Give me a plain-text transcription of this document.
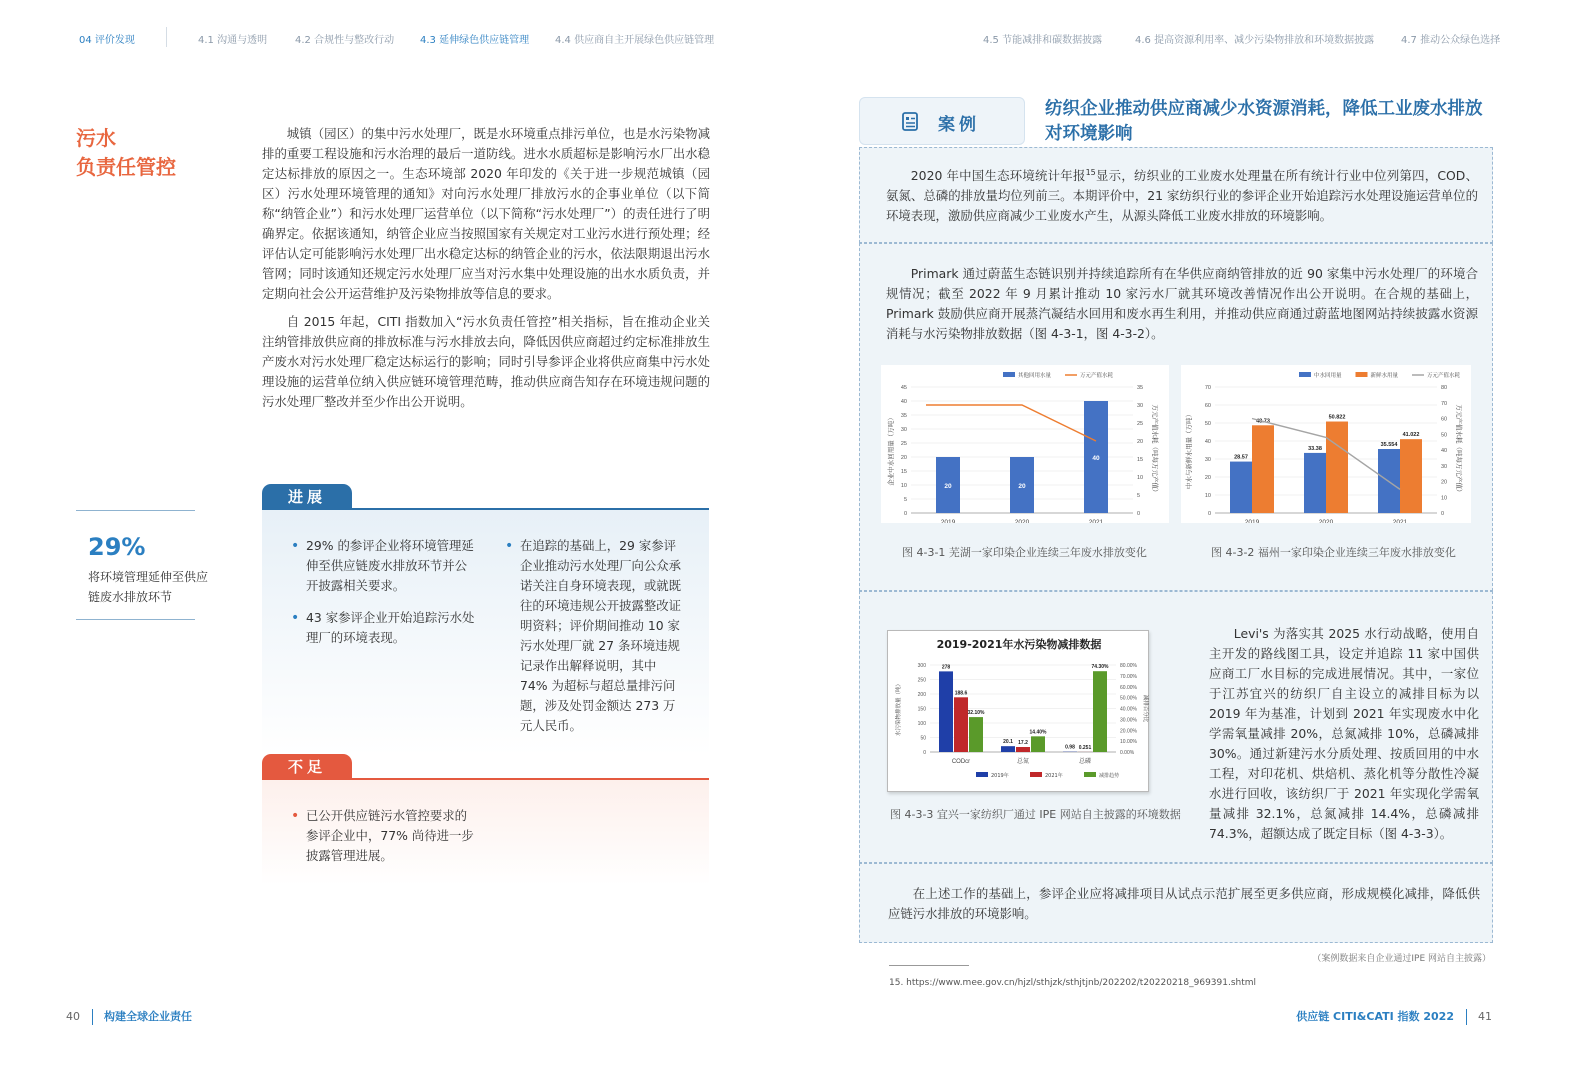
04 评价发现	4.1 沟通与透明	4.2 合规性与整改行动	4.3 延伸绿色供应链管理	4.4 供应商自主开展绿色供应链管理	4.5 节能减排和碳数据披露	4.6 提高资源利用率、减少污染物排放和环境数据披露	4.7 推动公众绿色选择
污水
负责任管控

城镇（园区）的集中污水处理厂，既是水环境重点排污单位，也是水污染物减排的重要工程设施和污水治理的最后一道防线。进水水质超标是影响污水厂出水稳定达标排放的原因之一。生态环境部 2020 年印发的《关于进一步规范城镇（园区）污水处理环境管理的通知》对向污水处理厂排放污水的企事业单位（以下简称“纳管企业”）和污水处理厂运营单位（以下简称“污水处理厂”）的责任进行了明确界定。依据该通知，纳管企业应当按照国家有关规定对工业污水进行预处理；经评估认定可能影响污水处理厂出水稳定达标的纳管企业的污水，依法限期退出污水管网；同时该通知还规定污水处理厂应当对污水集中处理设施的出水水质负责，并定期向社会公开运营维护及污染物排放等信息的要求。

自 2015 年起，CITI 指数加入“污水负责任管控”相关指标，旨在推动企业关注纳管排放供应商的排放标准与污水排放去向，降低因供应商超过约定标准排放生产废水对污水处理厂稳定达标运行的影响；同时引导参评企业将供应商集中污水处理设施的运营单位纳入供应链环境管理范畴，推动供应商告知存在环境违规问题的污水处理厂整改并至少作出公开说明。

29%
将环境管理延伸至供应链废水排放环节
进展
• 29% 的参评企业将环境管理延伸至供应链废水排放环节并公开披露相关要求。
• 43 家参评企业开始追踪污水处理厂的环境表现。
• 在追踪的基础上，29 家参评企业推动污水处理厂向公众承诺关注自身环境表现，或就既往的环境违规公开披露整改证明资料；评价期间推动 10 家污水处理厂就 27 条环境违规记录作出解释说明，其中 74% 为超标与超总量排污问题，涉及处罚金额达 273 万元人民币。
不足
• 已公开供应链污水管控要求的参评企业中，77% 尚待进一步披露管理进展。
40 构建全球企业责任
案例
纺织企业推动供应商减少水资源消耗，降低工业废水排放对环境影响
2020 年中国生态环境统计年报$^{15}$显示，纺织业的工业废水处理量在所有统计行业中位列第四，COD、氨氮、总磷的排放量均位列前三。本期评价中，21 家纺织行业的参评企业开始追踪污水处理设施运营单位的环境表现，激励供应商减少工业废水产生，从源头降低工业废水排放的环境影响。
Primark 通过蔚蓝生态链识别并持续追踪所有在华供应商纳管排放的近 90 家集中污水处理厂的环境合规情况；截至 2022 年 9 月累计推动 10 家污水厂就其环境改善情况作出公开说明。在合规的基础上，Primark 鼓励供应商开展蒸汽凝结水回用和废水再生利用，并推动供应商通过蔚蓝地图网站持续披露水资源消耗与水污染物排放数据（图 4-3-1，图 4-3-2）。
0
5
10
15
20
25
30
35
40
45
0
5
10
15
20
25
30
35
企业中水回用量（万吨）	万元产值水耗（吨每万元产值）
2019	2020	2021
20	20
40
其他回用水量	万元产值水耗
0
10
20
30
40
50
60
70
0
10
20
30
40
50
60
70
80
中水与新鲜水用量（万吨）	万元产值水耗（吨每万元产值）
2019	2020	2021
28.57
33.38
35.554
48.73
50.822
41.022
中水回用量	新鲜水用量	万元产值水耗
图 4-3-1 芜湖一家印染企业连续三年废水排放变化	图 4-3-2 福州一家印染企业连续三年废水排放变化
0
50
100
150
200
250
300
0.00%
10.00%
20.00%
30.00%
40.00%
50.00%
60.00%
70.00%
80.00%
水污染物排放量（吨）	减排百分比
CODcr	总氮	总磷
278
20.1
0.98
188.6
17.2
0.251
32.10%
14.40%
74.30%
2019年	2021年	减排趋势
2019-2021年水污染物减排数据
图 4-3-3 宜兴一家纺织厂通过 IPE 网站自主披露的环境数据
Levi's 为落实其 2025 水行动战略，使用自主开发的路线图工具，设定并追踪 11 家中国供应商工厂水目标的完成进展情况。其中，一家位于江苏宜兴的纺织厂自主设立的减排目标为以 2019 年为基准，计划到 2021 年实现废水中化学需氧量减排 20%，总氮减排 10%，总磷减排 30%。通过新建污水分质处理、按质回用的中水工程，对印花机、烘焙机、蒸化机等分散性冷凝水进行回收，该纺织厂于 2021 年实现化学需氧量减排 32.1%，总氮减排 14.4%，总磷减排 74.3%，超额达成了既定目标（图 4-3-3）。
在上述工作的基础上，参评企业应将减排项目从试点示范扩展至更多供应商，形成规模化减排，降低供应链污水排放的环境影响。
（案例数据来自企业通过IPE 网站自主披露）
15. https://www.mee.gov.cn/hjzl/sthjzk/sthjtjnb/202202/t20220218_969391.shtml
供应链 CITI&CATI 指数 2022 41
